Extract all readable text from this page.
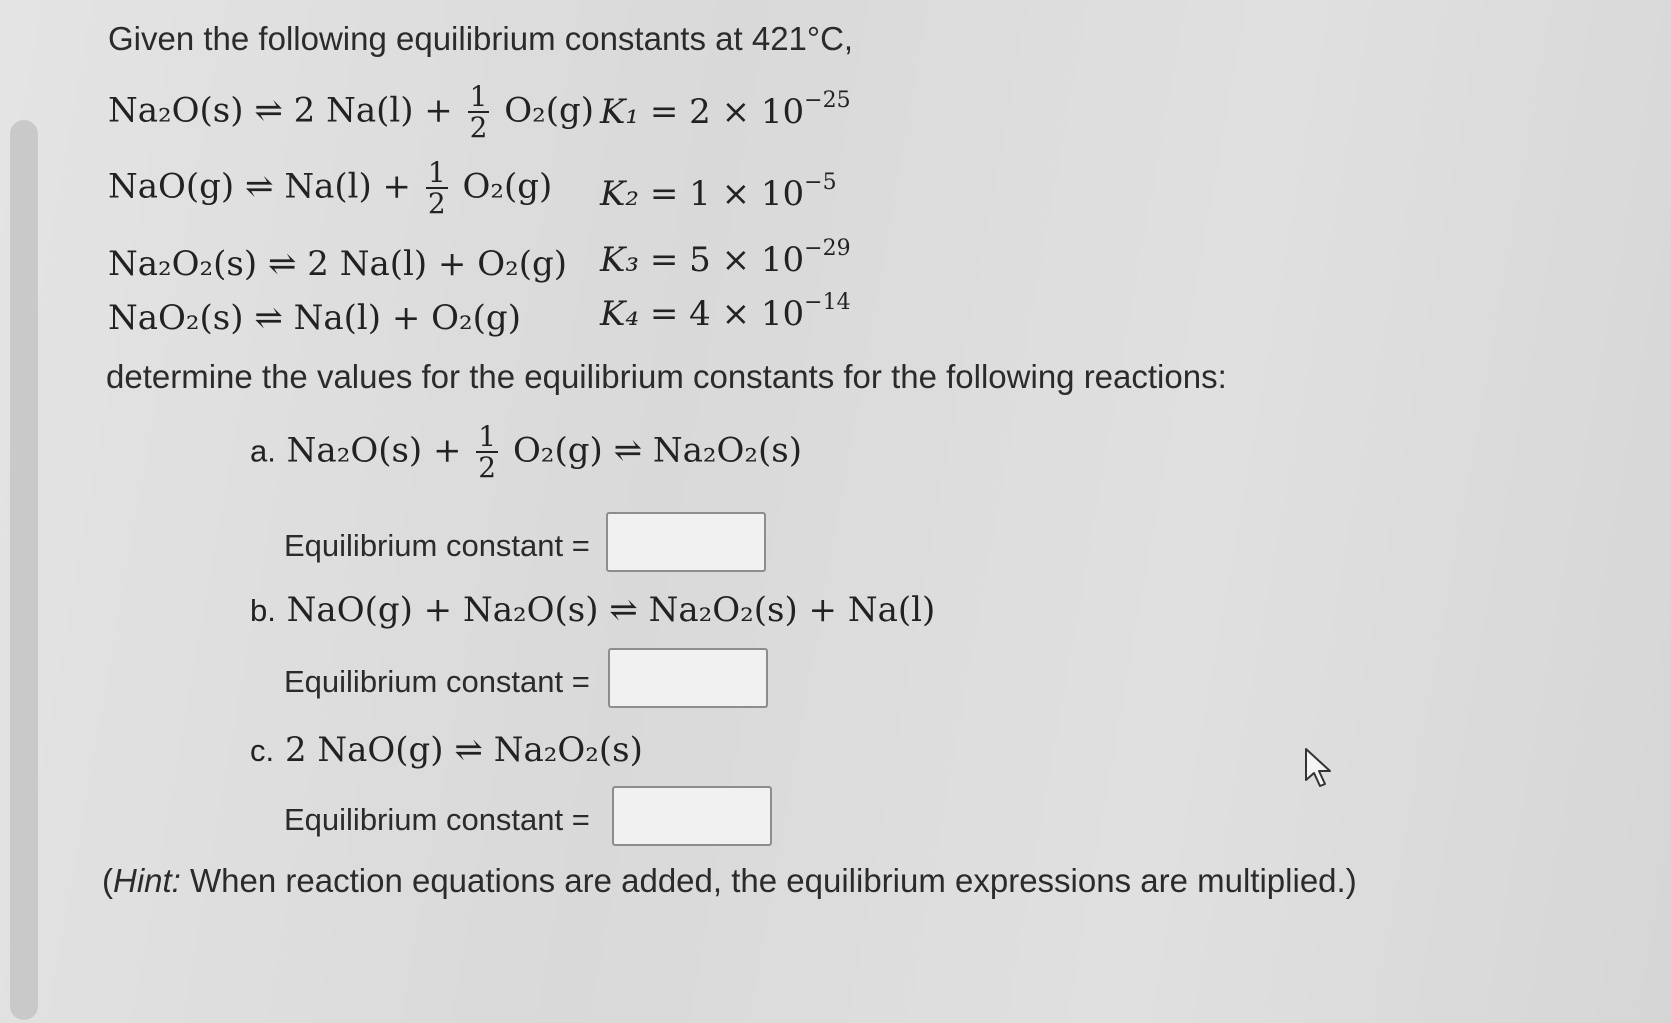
Given the following equilibrium constants at 421°C,
Na₂O(s) ⇌ 2 $Na(l) + \frac{1}{2} O_2(g) K_1 = 2 \times 10^{-25}$
NaO(g) ⇌ $Na(l) + \frac{1}{2} O_2(g) K_2 = 1 \times 10^{-5}$
Na₂O₂(s) ⇌ 2 Na(l) + O₂(g) $K_3 = 5 \times 10^{-29}$
NaO₂(s) ⇌ Na(l) + O₂(g) $K_4 = 4 \times 10^{-14}$
determine the values for the equilibrium constants for the following reactions:
a. $Na_2O(s) + \frac{1}{2} O_2(g)$ ⇌ Na₂O₂(s)
Equilibrium constant =
b. NaO(g) + Na₂O(s) ⇌ Na₂O₂(s) + Na(l)
Equilibrium constant =
c. 2 NaO(g) ⇌ Na₂O₂(s)
Equilibrium constant =
(Hint: When reaction equations are added, the equilibrium expressions are multiplied.)
